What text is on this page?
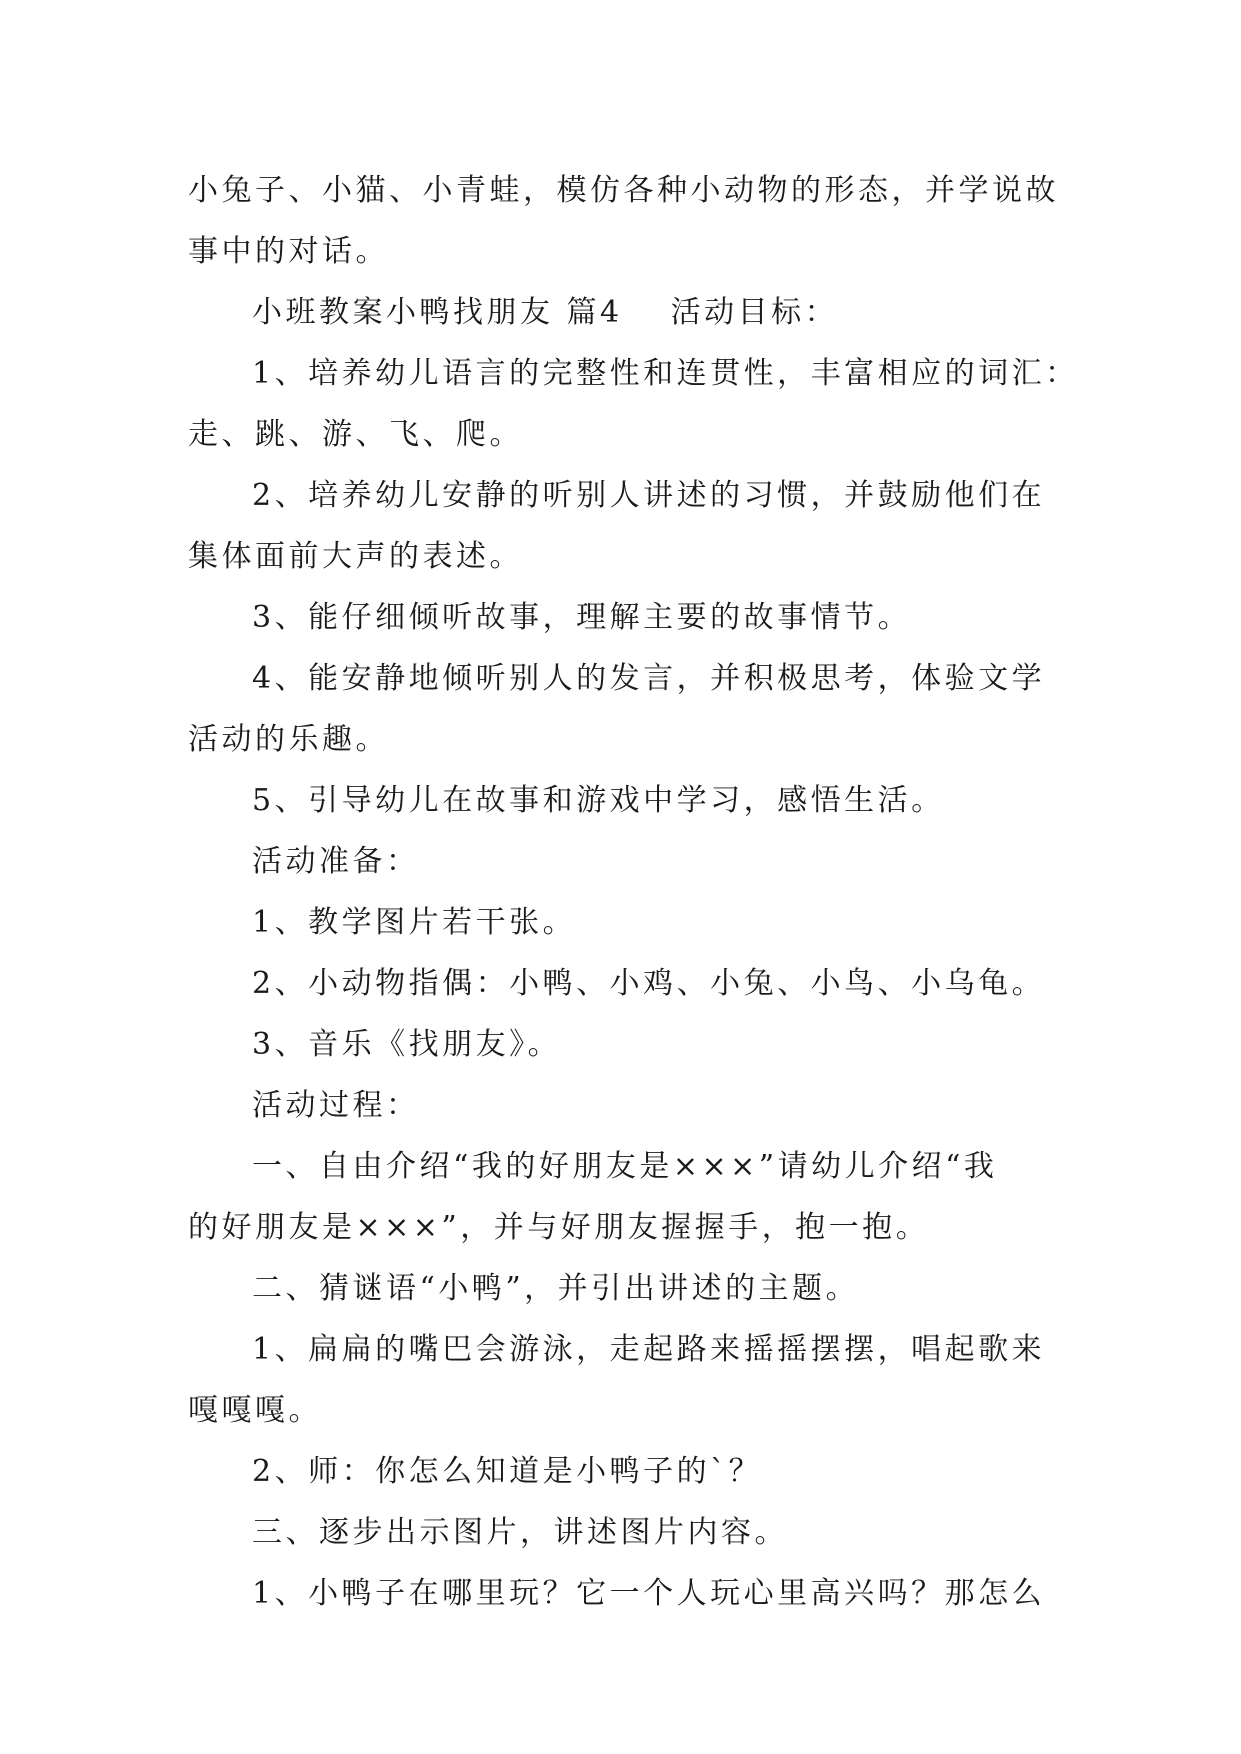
小兔子、小猫、小青蛙，模仿各种小动物的形态，并学说故

事中的对话。

小班教案小鸭找朋友 篇4 活动目标：

1、培养幼儿语言的完整性和连贯性，丰富相应的词汇：

走、跳、游、飞、爬。

2、培养幼儿安静的听别人讲述的习惯，并鼓励他们在

集体面前大声的表述。

3、能仔细倾听故事，理解主要的故事情节。

4、能安静地倾听别人的发言，并积极思考，体验文学

活动的乐趣。

5、引导幼儿在故事和游戏中学习，感悟生活。

活动准备：

1、教学图片若干张。

2、小动物指偶：小鸭、小鸡、小兔、小鸟、小乌龟。

3、音乐《找朋友》。

活动过程：

一、自由介绍“我的好朋友是×××”请幼儿介绍“我

的好朋友是×××”，并与好朋友握握手，抱一抱。

二、猜谜语“小鸭”，并引出讲述的主题。

1、扁扁的嘴巴会游泳，走起路来摇摇摆摆，唱起歌来

嘎嘎嘎。

2、师：你怎么知道是小鸭子的`？

三、逐步出示图片，讲述图片内容。

1、小鸭子在哪里玩？它一个人玩心里高兴吗？那怎么
